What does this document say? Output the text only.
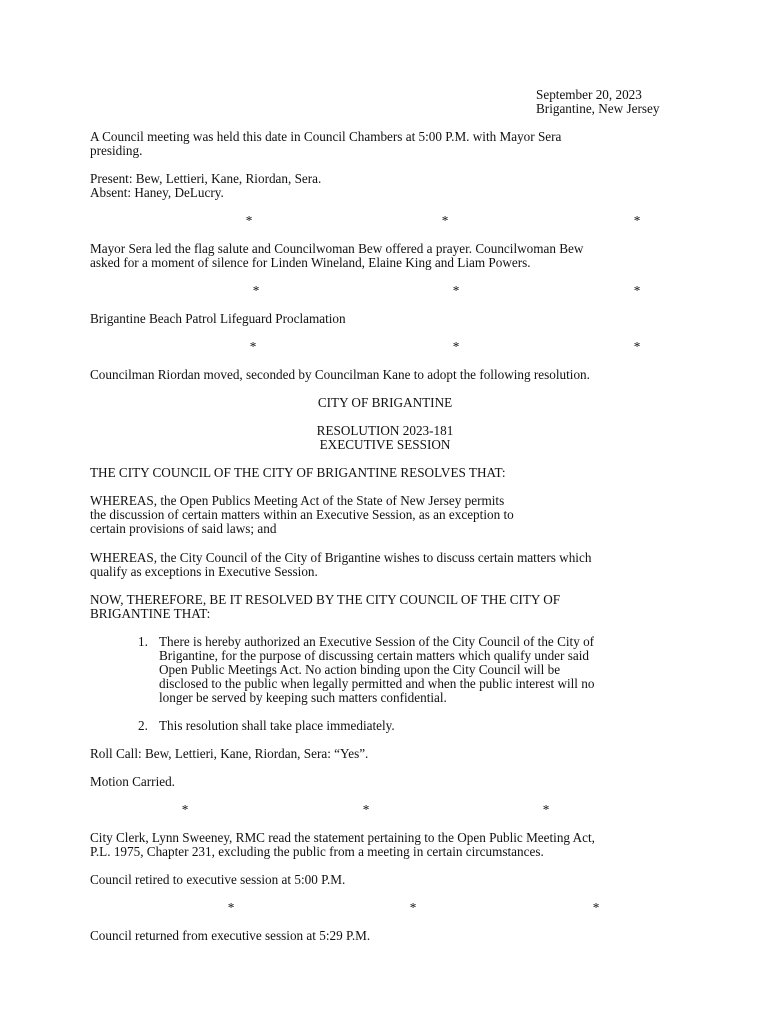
September 20, 2023

Brigantine, New Jersey

A Council meeting was held this date in Council Chambers at 5:00 P.M. with Mayor Sera

presiding.

Present: Bew, Lettieri, Kane, Riordan, Sera.

Absent: Haney, DeLucry.

*	*	*

Mayor Sera led the flag salute and Councilwoman Bew offered a prayer. Councilwoman Bew

asked for a moment of silence for Linden Wineland, Elaine King and Liam Powers.

*	*	*

Brigantine Beach Patrol Lifeguard Proclamation

*	*	*

Councilman Riordan moved, seconded by Councilman Kane to adopt the following resolution.

CITY OF BRIGANTINE

RESOLUTION 2023-181

EXECUTIVE SESSION

THE CITY COUNCIL OF THE CITY OF BRIGANTINE RESOLVES THAT:

WHEREAS, the Open Publics Meeting Act of the State of New Jersey permits

the discussion of certain matters within an Executive Session, as an exception to

certain provisions of said laws; and

WHEREAS, the City Council of the City of Brigantine wishes to discuss certain matters which

qualify as exceptions in Executive Session.

NOW, THEREFORE, BE IT RESOLVED BY THE CITY COUNCIL OF THE CITY OF

BRIGANTINE THAT:

1. There is hereby authorized an Executive Session of the City Council of the City of

Brigantine, for the purpose of discussing certain matters which qualify under said

Open Public Meetings Act. No action binding upon the City Council will be

disclosed to the public when legally permitted and when the public interest will no

longer be served by keeping such matters confidential.

2. This resolution shall take place immediately.

Roll Call: Bew, Lettieri, Kane, Riordan, Sera: “Yes”.

Motion Carried.

*	*	*

City Clerk, Lynn Sweeney, RMC read the statement pertaining to the Open Public Meeting Act,

P.L. 1975, Chapter 231, excluding the public from a meeting in certain circumstances.

Council retired to executive session at 5:00 P.M.

*	*	*

Council returned from executive session at 5:29 P.M.
